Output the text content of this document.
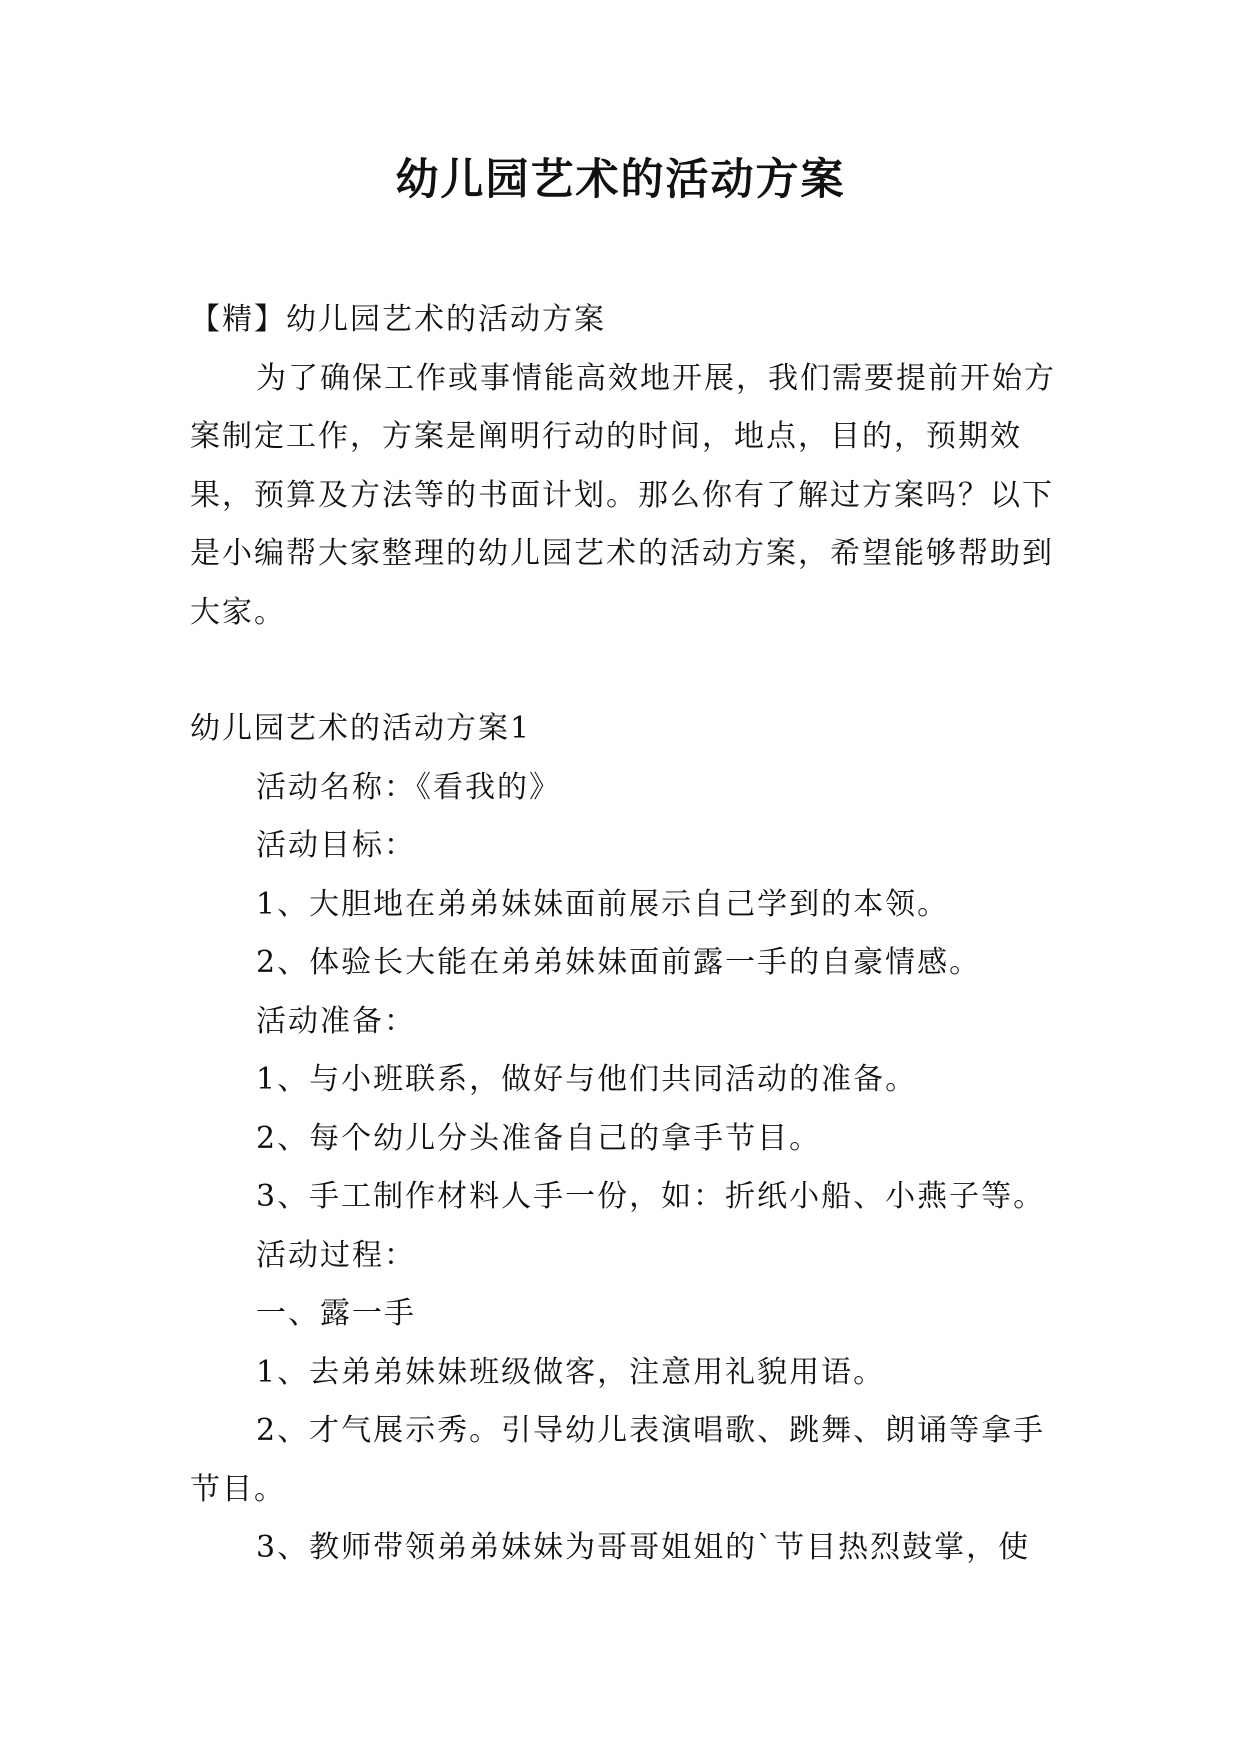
幼儿园艺术的活动方案

【精】幼儿园艺术的活动方案

为了确保工作或事情能高效地开展，我们需要提前开始方案制定工作，方案是阐明行动的时间，地点，目的，预期效果，预算及方法等的书面计划。那么你有了解过方案吗？以下是小编帮大家整理的幼儿园艺术的活动方案，希望能够帮助到大家。

幼儿园艺术的活动方案1

活动名称：《看我的》

活动目标：

1、大胆地在弟弟妹妹面前展示自己学到的本领。

2、体验长大能在弟弟妹妹面前露一手的自豪情感。

活动准备：

1、与小班联系，做好与他们共同活动的准备。

2、每个幼儿分头准备自己的拿手节目。

3、手工制作材料人手一份，如：折纸小船、小燕子等。

活动过程：

一、露一手

1、去弟弟妹妹班级做客，注意用礼貌用语。

2、才气展示秀。引导幼儿表演唱歌、跳舞、朗诵等拿手节目。

3、教师带领弟弟妹妹为哥哥姐姐的`节目热烈鼓掌，使
